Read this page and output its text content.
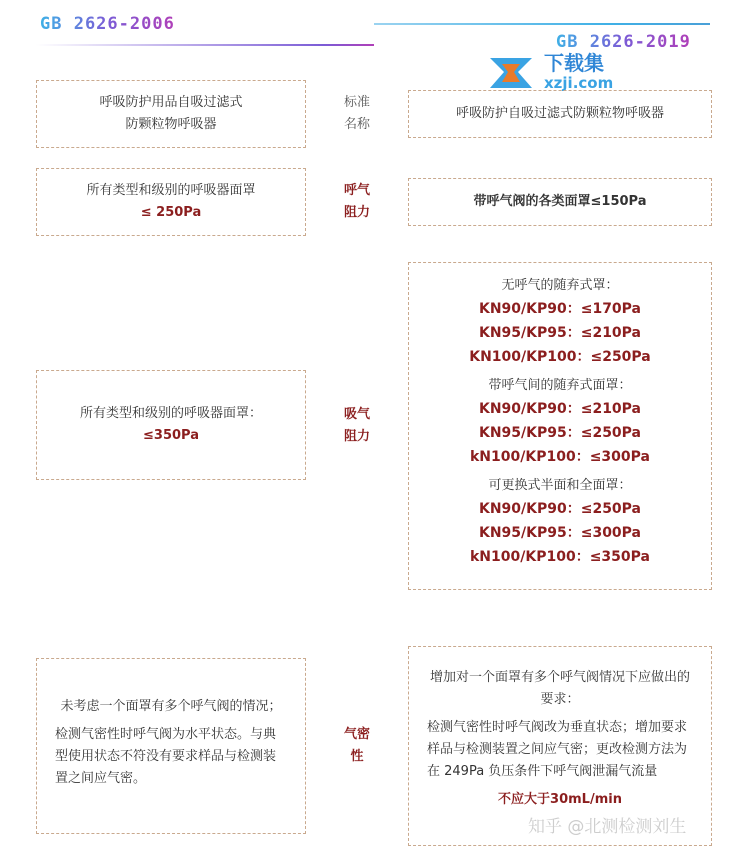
GB 2626-2006
GB 2626-2019
下载集
xzji.com
呼吸防护用品自吸过滤式
防颗粒物呼吸器
标准
名称
呼吸防护自吸过滤式防颗粒物呼吸器
所有类型和级别的呼吸器面罩
≤ 250Pa
呼气
阻力
带呼气阀的各类面罩≤150Pa
所有类型和级别的呼吸器面罩：
≤350Pa
吸气
阻力
无呼气的随弃式罩：
KN90/KP90：≤170Pa
KN95/KP95：≤210Pa
KN100/KP100：≤250Pa
带呼气间的随弃式面罩：
KN90/KP90：≤210Pa
KN95/KP95：≤250Pa
kN100/KP100：≤300Pa
可更换式半面和全面罩：
KN90/KP90：≤250Pa
KN95/KP95：≤300Pa
kN100/KP100：≤350Pa

未考虑一个面罩有多个呼气阀的情况；

检测气密性时呼气阀为水平状态。与典型使用状态不符没有要求样品与检测装置之间应气密。

气密
性

增加对一个面罩有多个呼气阀情况下应做出的要求：

检测气密性时呼气阀改为垂直状态；增加要求样品与检测装置之间应气密；更改检测方法为在 249Pa 负压条件下呼气阀泄漏气流量

不应大于30mL/min

知乎 @北测检测刘生
